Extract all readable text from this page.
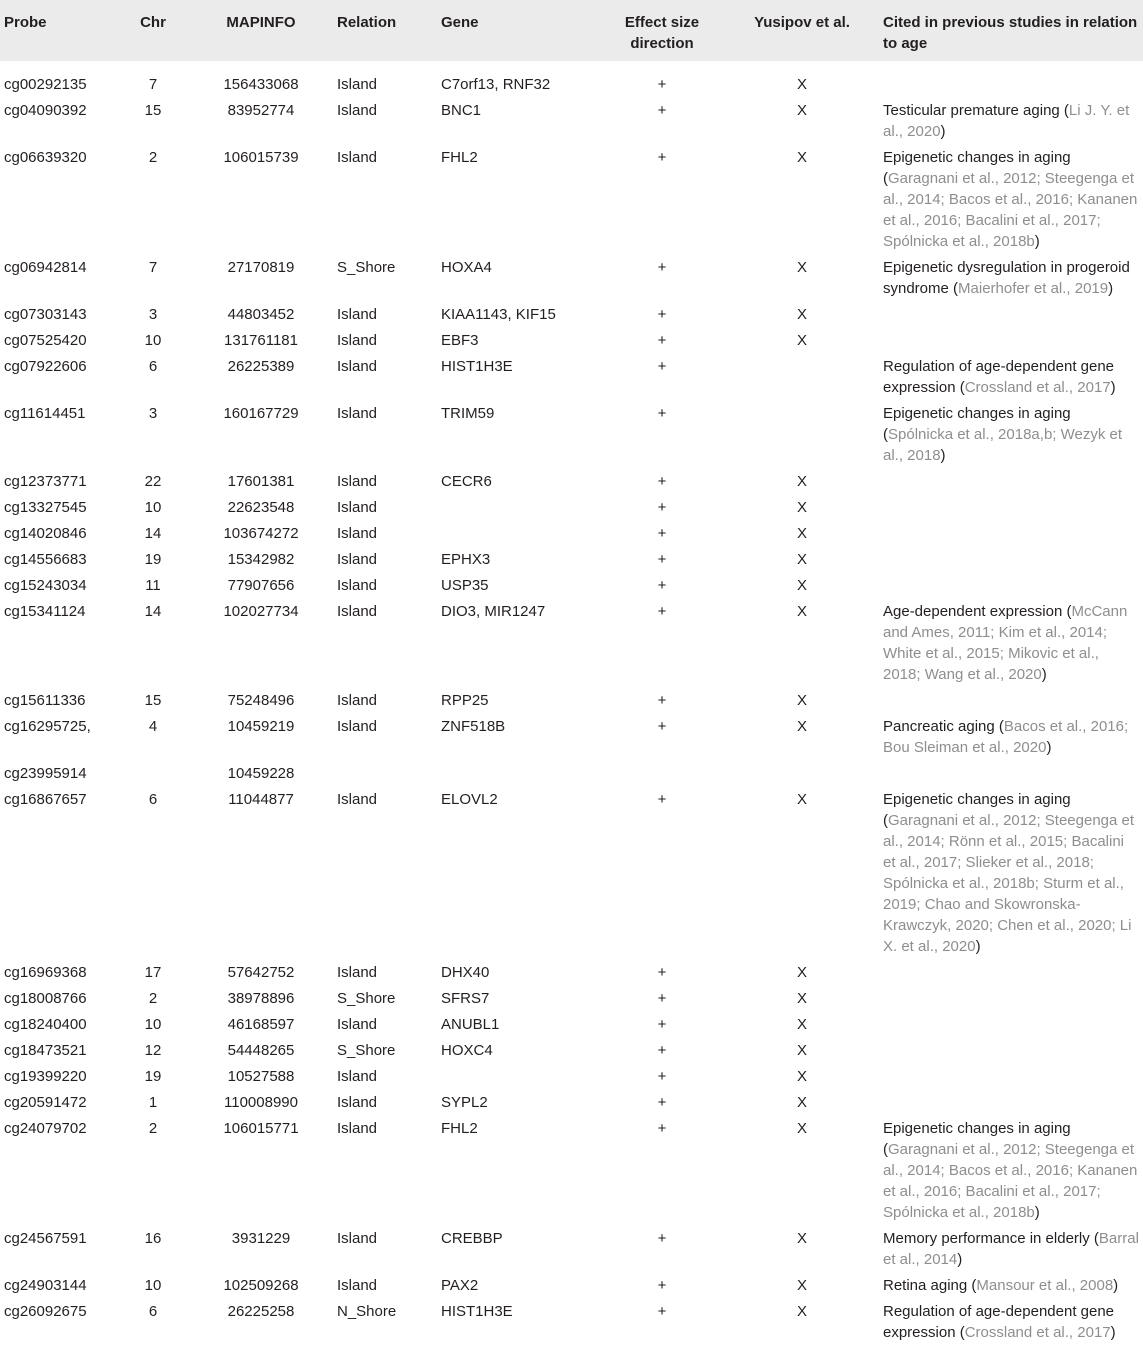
Probe	Chr	MAPINFO	Relation	Gene	Effect size direction	Yusipov et al.	Cited in previous studies in relation to age
cg00292135	7	156433068	Island	C7orf13, RNF32	+	X	
cg04090392	15	83952774	Island	BNC1	+	X	Testicular premature aging (Li J. Y. et al., 2020)
cg06639320	2	106015739	Island	FHL2	+	X	Epigenetic changes in aging (Garagnani et al., 2012; Steegenga et al., 2014; Bacos et al., 2016; Kananen et al., 2016; Bacalini et al., 2017; Spólnicka et al., 2018b)
cg06942814	7	27170819	S_Shore	HOXA4	+	X	Epigenetic dysregulation in progeroid syndrome (Maierhofer et al., 2019)
cg07303143	3	44803452	Island	KIAA1143, KIF15	+	X	
cg07525420	10	131761181	Island	EBF3	+	X	
cg07922606	6	26225389	Island	HIST1H3E	+		Regulation of age-dependent gene expression (Crossland et al., 2017)
cg11614451	3	160167729	Island	TRIM59	+		Epigenetic changes in aging (Spólnicka et al., 2018a,b; Wezyk et al., 2018)
cg12373771	22	17601381	Island	CECR6	+	X	
cg13327545	10	22623548	Island		+	X	
cg14020846	14	103674272	Island		+	X	
cg14556683	19	15342982	Island	EPHX3	+	X	
cg15243034	11	77907656	Island	USP35	+	X	
cg15341124	14	102027734	Island	DIO3, MIR1247	+	X	Age-dependent expression (McCann and Ames, 2011; Kim et al., 2014; White et al., 2015; Mikovic et al., 2018; Wang et al., 2020)
cg15611336	15	75248496	Island	RPP25	+	X	
cg16295725,	4	10459219	Island	ZNF518B	+	X	Pancreatic aging (Bacos et al., 2016; Bou Sleiman et al., 2020)
cg23995914		10459228					
cg16867657	6	11044877	Island	ELOVL2	+	X	Epigenetic changes in aging (Garagnani et al., 2012; Steegenga et al., 2014; Rönn et al., 2015; Bacalini et al., 2017; Slieker et al., 2018; Spólnicka et al., 2018b; Sturm et al., 2019; Chao and Skowronska-Krawczyk, 2020; Chen et al., 2020; Li X. et al., 2020)
cg16969368	17	57642752	Island	DHX40	+	X	
cg18008766	2	38978896	S_Shore	SFRS7	+	X	
cg18240400	10	46168597	Island	ANUBL1	+	X	
cg18473521	12	54448265	S_Shore	HOXC4	+	X	
cg19399220	19	10527588	Island		+	X	
cg20591472	1	110008990	Island	SYPL2	+	X	
cg24079702	2	106015771	Island	FHL2	+	X	Epigenetic changes in aging (Garagnani et al., 2012; Steegenga et al., 2014; Bacos et al., 2016; Kananen et al., 2016; Bacalini et al., 2017; Spólnicka et al., 2018b)
cg24567591	16	3931229	Island	CREBBP	+	X	Memory performance in elderly (Barral et al., 2014)
cg24903144	10	102509268	Island	PAX2	+	X	Retina aging (Mansour et al., 2008)
cg26092675	6	26225258	N_Shore	HIST1H3E	+	X	Regulation of age-dependent gene expression (Crossland et al., 2017)
